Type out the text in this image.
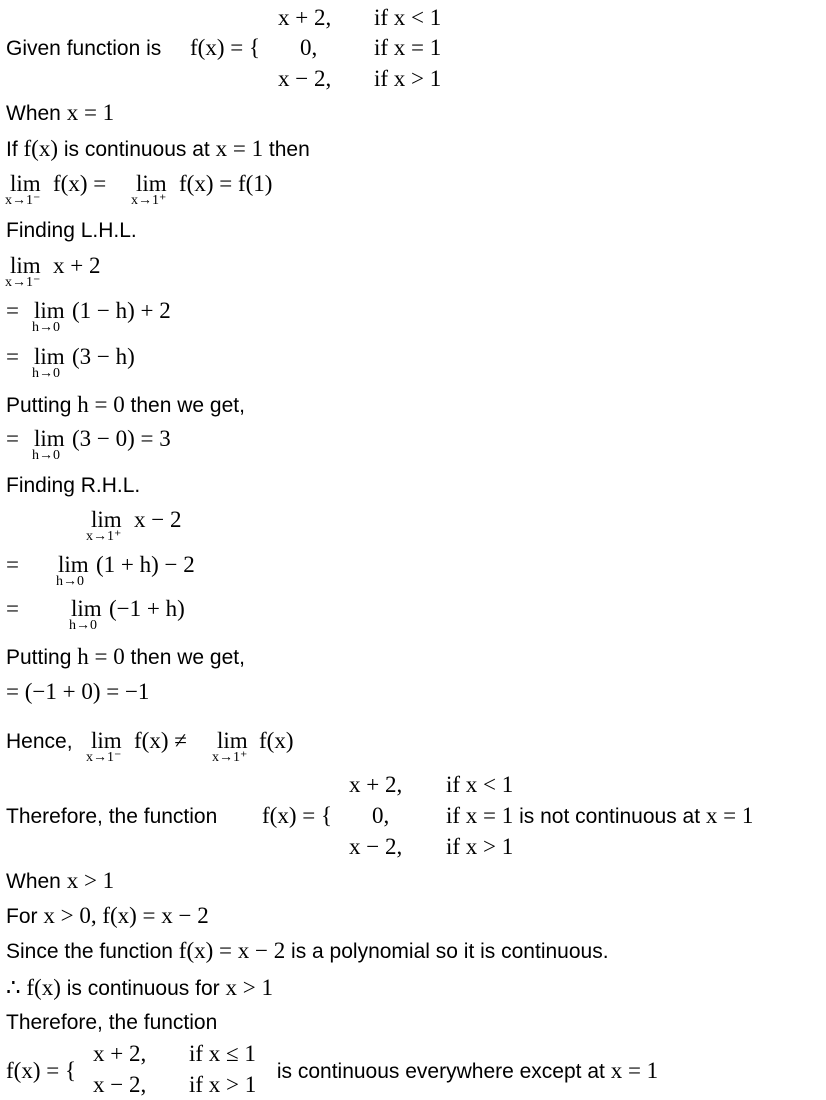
x + 2, if x < 1
Given function is f(x) = { 0, if x = 1
x − 2, if x > 1
When x = 1
If f(x) is continuous at x = 1 then
lim
x→1⁻
f(x) = lim
x→1⁺
f(x) = f(1)
Finding L.H.L.
lim
x→1⁻
x + 2
= lim
h→0
(1 − h) + 2
= lim
h→0
(3 − h)
Putting h = 0 then we get,
= lim
h→0
(3 − 0) = 3
Finding R.H.L.
lim
x→1⁺
x − 2
= lim
h→0
(1 + h) − 2
= lim
h→0
(−1 + h)
Putting h = 0 then we get,
= (−1 + 0) = −1
Hence, lim
x→1⁻
f(x) ≠ lim
x→1⁺
f(x)
x + 2, if x < 1
Therefore, the function f(x) = { 0, if x = 1 is not continuous at x = 1
x − 2, if x > 1
When x > 1
For x > 0, f(x) = x − 2
Since the function f(x) = x − 2 is a polynomial so it is continuous.
∴ f(x) is continuous for x > 1
Therefore, the function
f(x) = {
x + 2, if x ≤ 1
x − 2, if x > 1
is continuous everywhere except at x = 1
